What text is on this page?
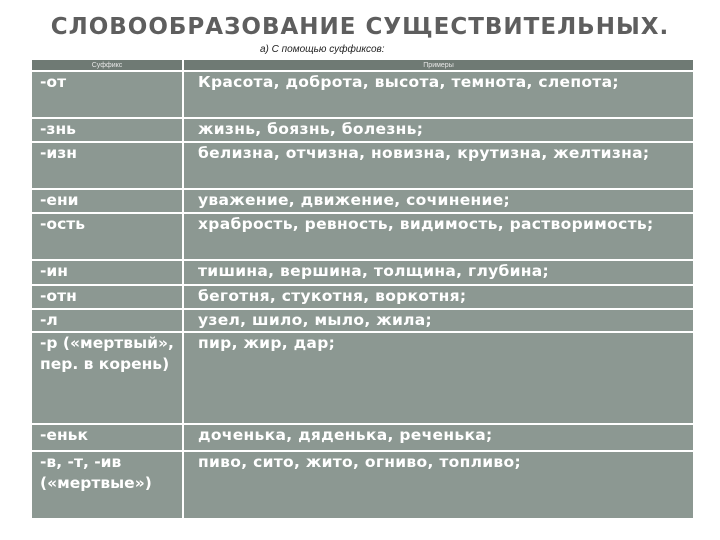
СЛОВООБРАЗОВАНИЕ СУЩЕСТВИТЕЛЬНЫХ.
а) С помощью суффиксов:
Суффикс	Примеры
-от	Красота, доброта, высота, темнота, слепота;
-знь	жизнь, боязнь, болезнь;
-изн	белизна, отчизна, новизна, крутизна, желтизна;
-ени	уважение, движение, сочинение;
-ость	храбрость, ревность, видимость, растворимость;
-ин	тишина, вершина, толщина, глубина;
-отн	беготня, стукотня, воркотня;
-л	узел, шило, мыло, жила;
-р («мертвый», пер. в корень)	пир, жир, дар;
-еньк	доченька, дяденька, реченька;
-в, -т, -ив («мертвые»)	пиво, сито, жито, огниво, топливо;
